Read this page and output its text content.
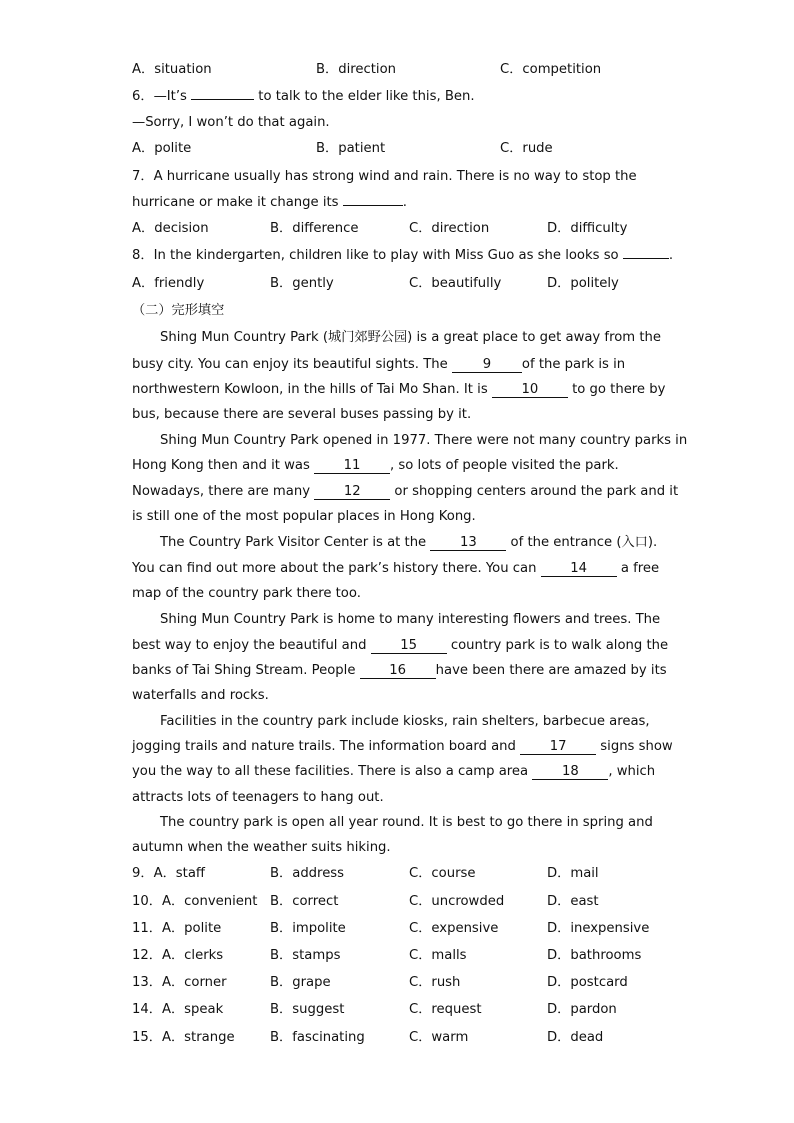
A．situation	B．direction	C．competition
6．—It’s	to talk to the elder like this, Ben.
—Sorry, I won’t do that again.
A．polite	B．patient	C．rude
7．A hurricane usually has strong wind and rain. There is no way to stop the
hurricane or make it change its	.
A．decision	B．difference	C．direction	D．difficulty
8．In the kindergarten, children like to play with Miss Guo as she looks so	.
A．friendly	B．gently	C．beautifully	D．politely
（二）完形填空
Shing Mun Country Park (城门郊野公园) is a great place to get away from the
busy city. You can enjoy its beautiful sights. The 9 of the park is in
northwestern Kowloon, in the hills of Tai Mo Shan. It is 10 to go there by
bus, because there are several buses passing by it.
Shing Mun Country Park opened in 1977. There were not many country parks in
Hong Kong then and it was 11 , so lots of people visited the park.
Nowadays, there are many 12 or shopping centers around the park and it
is still one of the most popular places in Hong Kong.
The Country Park Visitor Center is at the 13 of the entrance (入口).
You can find out more about the park’s history there. You can 14 a free
map of the country park there too.
Shing Mun Country Park is home to many interesting flowers and trees. The
best way to enjoy the beautiful and 15 country park is to walk along the
banks of Tai Shing Stream. People 16 have been there are amazed by its
waterfalls and rocks.
Facilities in the country park include kiosks, rain shelters, barbecue areas,
jogging trails and nature trails. The information board and 17 signs show
you the way to all these facilities. There is also a camp area 18 , which
attracts lots of teenagers to hang out.
The country park is open all year round. It is best to go there in spring and
autumn when the weather suits hiking.
9．A．staff	B．address	C．course	D．mail
10．A．convenient B．correct	C．uncrowded	D．east
11．A．polite	B．impolite	C．expensive	D．inexpensive
12．A．clerks	B．stamps	C．malls	D．bathrooms
13．A．corner	B．grape	C．rush	D．postcard
14．A．speak	B．suggest	C．request	D．pardon
15．A．strange	B．fascinating	C．warm	D．dead
